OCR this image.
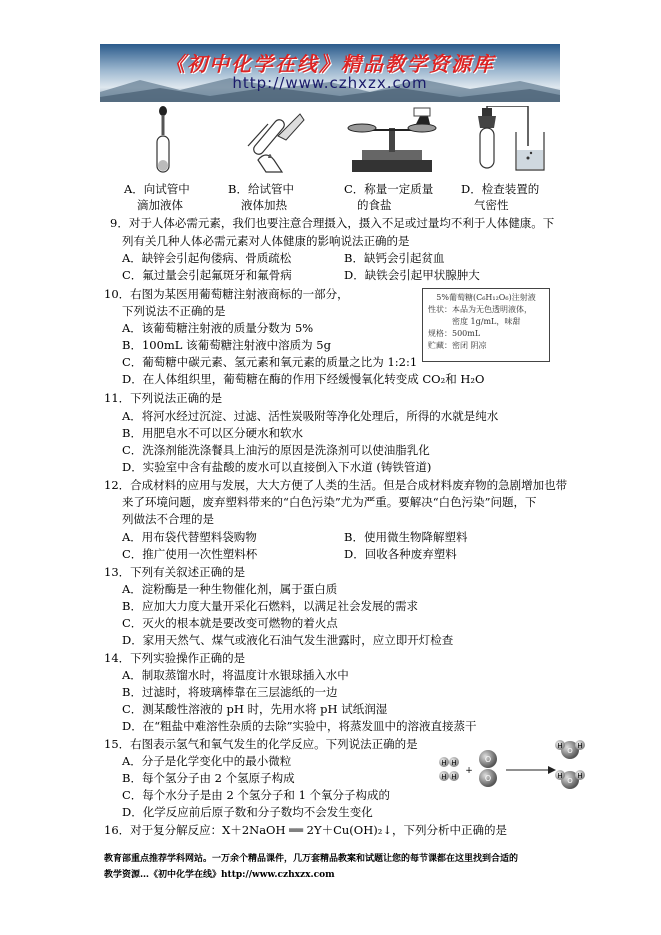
《初中化学在线》精品教学资源库
http://www.czhxzx.com
A．向试管中
滴加液体
B．给试管中
液体加热
C．称量一定质量
的食盐
D．检查装置的
气密性
9．对于人体必需元素，我们也要注意合理摄入，摄入不足或过量均不利于人体健康。下
列有关几种人体必需元素对人体健康的影响说法正确的是
A．缺锌会引起佝偻病、骨质疏松	B．缺钙会引起贫血
C．氟过量会引起氟斑牙和氟骨病	D．缺铁会引起甲状腺肿大
10．右图为某医用葡萄糖注射液商标的一部分，
下列说法不正确的是
A．该葡萄糖注射液的质量分数为 5%
B．100mL 该葡萄糖注射液中溶质为 5g
C．葡萄糖中碳元素、氢元素和氧元素的质量之比为 1:2:1
D．在人体组织里，葡萄糖在酶的作用下经缓慢氧化转变成 CO₂和 H₂O
5%葡萄糖(C₆H₁₂O₆)注射液
性状：本品为无色透明液体，
　　　密度 1g/mL，味甜
规格：500mL
贮藏：密闭 阴凉
11．下列说法正确的是
A．将河水经过沉淀、过滤、活性炭吸附等净化处理后，所得的水就是纯水
B．用肥皂水不可以区分硬水和软水
C．洗涤剂能洗涤餐具上油污的原因是洗涤剂可以使油脂乳化
D．实验室中含有盐酸的废水可以直接倒入下水道 (铸铁管道)
12．合成材料的应用与发展，大大方便了人类的生活。但是合成材料废弃物的急剧增加也带
来了环境问题，废弃塑料带来的“白色污染”尤为严重。要解决“白色污染”问题，下
列做法不合理的是
A．用布袋代替塑料袋购物	B．使用微生物降解塑料
C．推广使用一次性塑料杯	D．回收各种废弃塑料
13．下列有关叙述正确的是
A．淀粉酶是一种生物催化剂，属于蛋白质
B．应加大力度大量开采化石燃料，以满足社会发展的需求
C．灭火的根本就是要改变可燃物的着火点
D．家用天然气、煤气或液化石油气发生泄露时，应立即开灯检查
14．下列实验操作正确的是
A．制取蒸馏水时，将温度计水银球插入水中
B．过滤时，将玻璃棒靠在三层滤纸的一边
C．测某酸性溶液的 pH 时，先用水将 pH 试纸润湿
D．在“粗盐中难溶性杂质的去除”实验中，将蒸发皿中的溶液直接蒸干
15．右图表示氢气和氧气发生的化学反应。下列说法正确的是
A．分子是化学变化中的最小微粒
B．每个氢分子由 2 个氢原子构成
C．每个水分子是由 2 个氢分子和 1 个氧分子构成的
D．化学反应前后原子数和分子数均不会发生变化
H H
H H
+
O
O
O
O
H H
H H
16．对于复分解反应：X＋2NaOH ══ 2Y＋Cu(OH)₂↓，下列分析中正确的是
教育部重点推荐学科网站。一万余个精品课件，几万套精品教案和试题让您的每节课都在这里找到合适的
教学资源…《初中化学在线》http://www.czhxzx.com
